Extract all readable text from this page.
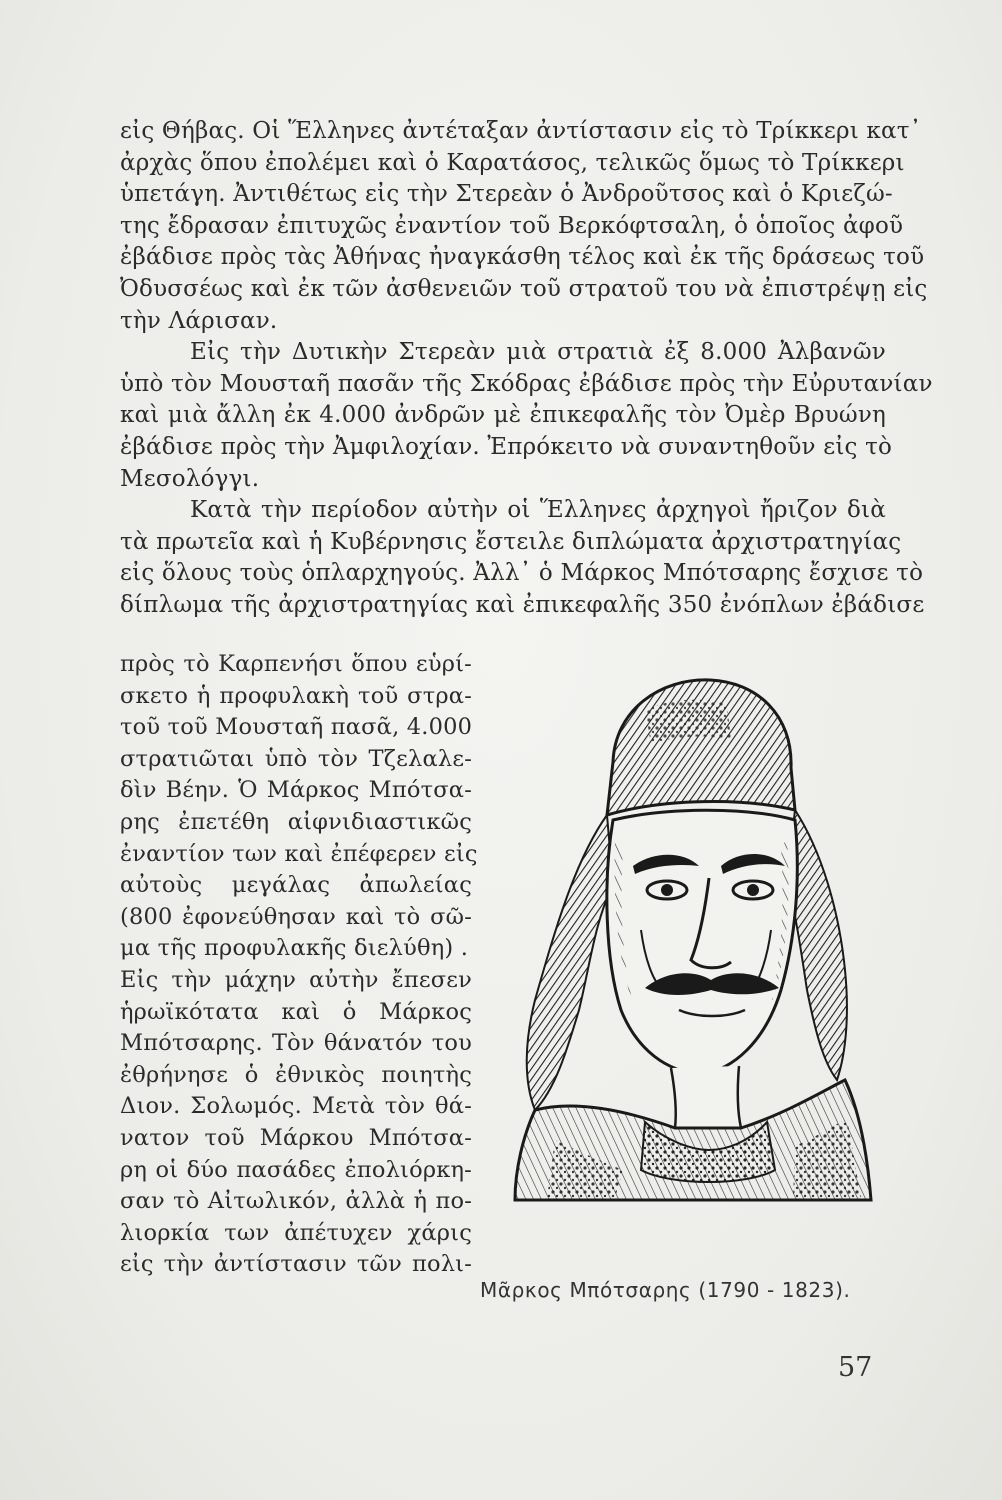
εἰς Θήβας. Οἱ Ἕλληνες ἀντέταξαν ἀντίστασιν εἰς τὸ Τρίκκερι κατ᾽
ἀρχὰς ὅπου ἐπολέμει καὶ ὁ Καρατάσος, τελικῶς ὅμως τὸ Τρίκκερι
ὑπετάγη. Ἀντιθέτως εἰς τὴν Στερεὰν ὁ Ἀνδροῦτσος καὶ ὁ Κριεζώ-
της ἔδρασαν ἐπιτυχῶς ἐναντίον τοῦ Βερκόφτσαλη, ὁ ὁποῖος ἀφοῦ
ἐβάδισε πρὸς τὰς Ἀθήνας ἠναγκάσθη τέλος καὶ ἐκ τῆς δράσεως τοῦ
Ὀδυσσέως καὶ ἐκ τῶν ἀσθενειῶν τοῦ στρατοῦ του νὰ ἐπιστρέψῃ εἰς
τὴν Λάρισαν.
Εἰς τὴν Δυτικὴν Στερεὰν μιὰ στρατιὰ ἐξ 8.000 Ἀλβανῶν
ὑπὸ τὸν Μουσταῆ πασᾶν τῆς Σκόδρας ἐβάδισε πρὸς τὴν Εὐρυτανίαν
καὶ μιὰ ἄλλη ἐκ 4.000 ἀνδρῶν μὲ ἐπικεφαλῆς τὸν Ὀμὲρ Βρυώνη
ἐβάδισε πρὸς τὴν Ἀμφιλοχίαν. Ἐπρόκειτο νὰ συναντηθοῦν εἰς τὸ
Μεσολόγγι.
Κατὰ τὴν περίοδον αὐτὴν οἱ Ἕλληνες ἀρχηγοὶ ἤριζον διὰ
τὰ πρωτεῖα καὶ ἡ Κυβέρνησις ἔστειλε διπλώματα ἀρχιστρατηγίας
εἰς ὅλους τοὺς ὁπλαρχηγούς. Ἀλλ᾽ ὁ Μάρκος Μπότσαρης ἔσχισε τὸ
δίπλωμα τῆς ἀρχιστρατηγίας καὶ ἐπικεφαλῆς 350 ἐνόπλων ἐβάδισε
πρὸς τὸ Καρπενήσι ὅπου εὑρί-
σκετο ἡ προφυλακὴ τοῦ στρα-
τοῦ τοῦ Μουσταῆ πασᾶ, 4.000
στρατιῶται ὑπὸ τὸν Τζελαλε-
δὶν Βέην. Ὁ Μάρκος Μπότσα-
ρης ἐπετέθη αἰφνιδιαστικῶς
ἐναντίον των καὶ ἐπέφερεν εἰς
αὐτοὺς μεγάλας ἀπωλείας
(800 ἐφονεύθησαν καὶ τὸ σῶ-
μα τῆς προφυλακῆς διελύθη) .
Εἰς τὴν μάχην αὐτὴν ἔπεσεν
ἡρωϊκότατα καὶ ὁ Μάρκος
Μπότσαρης. Τὸν θάνατόν του
ἐθρήνησε ὁ ἐθνικὸς ποιητὴς
Διον. Σολωμός. Μετὰ τὸν θά-
νατον τοῦ Μάρκου Μπότσα-
ρη οἱ δύο πασάδες ἐπολιόρκη-
σαν τὸ Αἰτωλικόν, ἀλλὰ ἡ πο-
λιορκία των ἀπέτυχεν χάρις
εἰς τὴν ἀντίστασιν τῶν πολι-
Μᾶρκος Μπότσαρης (1790 - 1823).
57
